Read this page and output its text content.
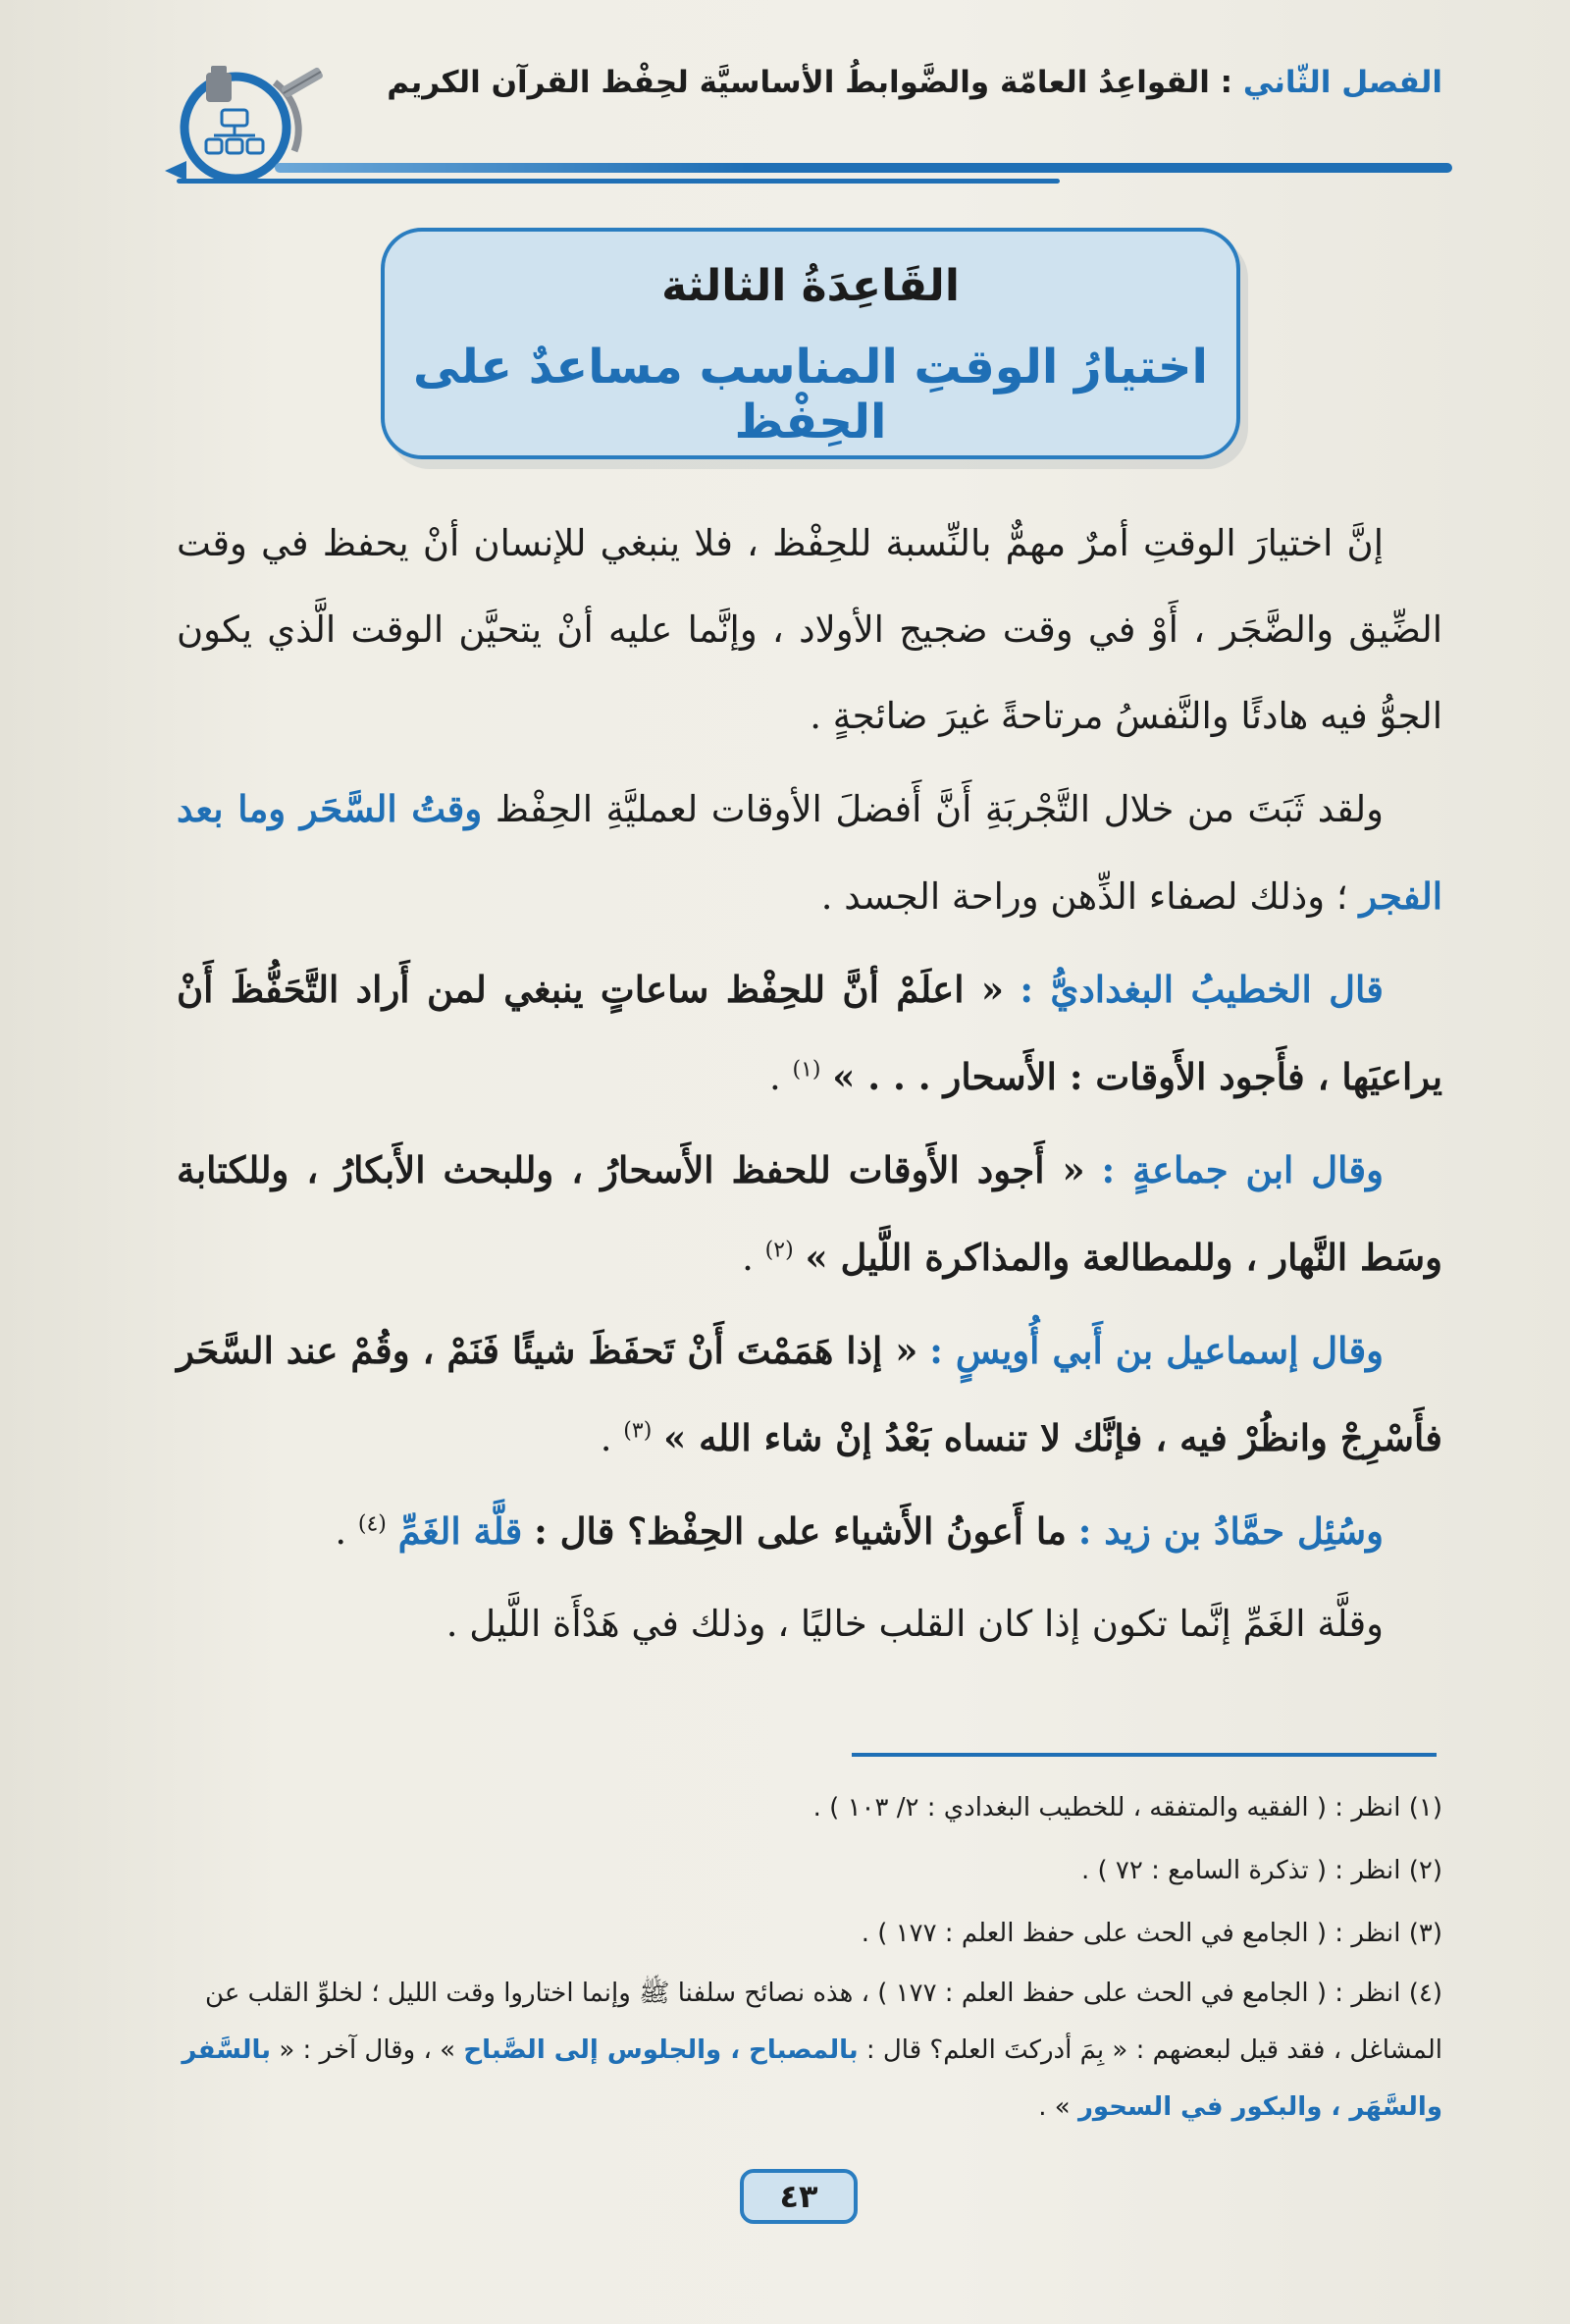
الفصل الثّاني : القواعِدُ العامّة والضَّوابطُ الأساسيَّة لحِفْظ القرآن الكريم
القَاعِدَةُ الثالثة
اختيارُ الوقتِ المناسب مساعدٌ على الحِفْظ

إنَّ اختيارَ الوقتِ أمرٌ مهمٌّ بالنِّسبة للحِفْظ ، فلا ينبغي للإنسان أنْ يحفظ في وقت الضِّيق والضَّجَر ، أَوْ في وقت ضجيج الأولاد ، وإنَّما عليه أنْ يتحيَّن الوقت الَّذي يكون الجوُّ فيه هادئًا والنَّفسُ مرتاحةً غيرَ ضائجةٍ .

ولقد ثَبَتَ من خلال التَّجْربَةِ أَنَّ أَفضلَ الأوقات لعمليَّةِ الحِفْظ وقتُ السَّحَر وما بعد الفجر ؛ وذلك لصفاء الذِّهن وراحة الجسد .

قال الخطيبُ البغداديُّ : « اعلَمْ أنَّ للحِفْظ ساعاتٍ ينبغي لمن أَراد التَّحَفُّظَ أَنْ يراعيَها ، فأَجود الأَوقات : الأَسحار . . . » $^{(١)}$ .

وقال ابن جماعةٍ : « أَجود الأَوقات للحفظ الأَسحارُ ، وللبحث الأَبكارُ ، وللكتابة وسَط النَّهار ، وللمطالعة والمذاكرة اللَّيل » $^{(٢)}$ .

وقال إسماعيل بن أَبي أُويسٍ : « إذا هَمَمْتَ أَنْ تَحفَظَ شيئًا فَنَمْ ، وقُمْ عند السَّحَر فأَسْرِجْ وانظُرْ فيه ، فإنَّك لا تنساه بَعْدُ إنْ شاء الله » $^{(٣)}$ .

وسُئِل حمَّادُ بن زيد : ما أَعونُ الأَشياء على الحِفْظ؟ قال : قلَّة الغَمِّ $^{(٤)}$ .

وقلَّة الغَمِّ إنَّما تكون إذا كان القلب خاليًا ، وذلك في هَدْأَة اللَّيل .

(١) انظر : ( الفقيه والمتفقه ، للخطيب البغدادي : ٢/ ١٠٣ ) .
(٢) انظر : ( تذكرة السامع : ٧٢ ) .
(٣) انظر : ( الجامع في الحث على حفظ العلم : ١٧٧ ) .
(٤) انظر : ( الجامع في الحث على حفظ العلم : ١٧٧ ) ، هذه نصائح سلفنا ﷺ وإنما اختاروا وقت الليل ؛ لخلوِّ القلب عن المشاغل ، فقد قيل لبعضهم : « بِمَ أدركتَ العلم؟ قال : بالمصباح ، والجلوس إلى الصَّباح » ، وقال آخر : « بالسَّفر والسَّهَر ، والبكور في السحور » .
٤٣
